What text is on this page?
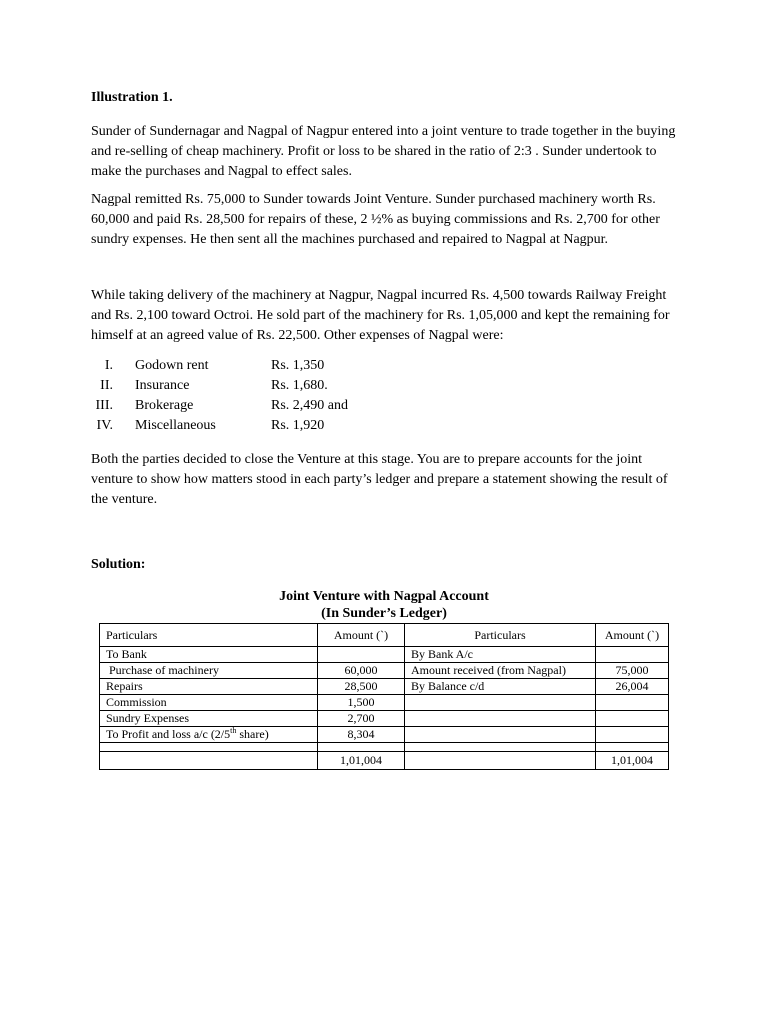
Illustration 1.

Sunder of Sundernagar and Nagpal of Nagpur entered into a joint venture to trade together in the buying and re-selling of cheap machinery. Profit or loss to be shared in the ratio of 2:3 . Sunder undertook to make the purchases and Nagpal to effect sales.

Nagpal remitted Rs. 75,000 to Sunder towards Joint Venture. Sunder purchased machinery worth Rs. 60,000 and paid Rs. 28,500 for repairs of these, 2 ½% as buying commissions and Rs. 2,700 for other sundry expenses. He then sent all the machines purchased and repaired to Nagpal at Nagpur.

While taking delivery of the machinery at Nagpur, Nagpal incurred Rs. 4,500 towards Railway Freight and Rs. 2,100 toward Octroi. He sold part of the machinery for Rs. 1,05,000 and kept the remaining for himself at an agreed value of Rs. 22,500. Other expenses of Nagpal were:

I.	Godown rent	Rs. 1,350
II.	Insurance	Rs. 1,680.
III.	Brokerage	Rs. 2,490 and
IV.	Miscellaneous	Rs. 1,920

Both the parties decided to close the Venture at this stage. You are to prepare accounts for the joint venture to show how matters stood in each party’s ledger and prepare a statement showing the result of the venture.

Solution:

Joint Venture with Nagpal Account
(In Sunder’s Ledger)
Particulars	Amount (`)	Particulars	Amount (`)
To Bank		By Bank A/c	
Purchase of machinery	60,000	Amount received (from Nagpal)	75,000
Repairs	28,500	By Balance c/d	26,004
Commission	1,500		
Sundry Expenses	2,700		
To Profit and loss a/c (2/5th share)	8,304		

	1,01,004		1,01,004
